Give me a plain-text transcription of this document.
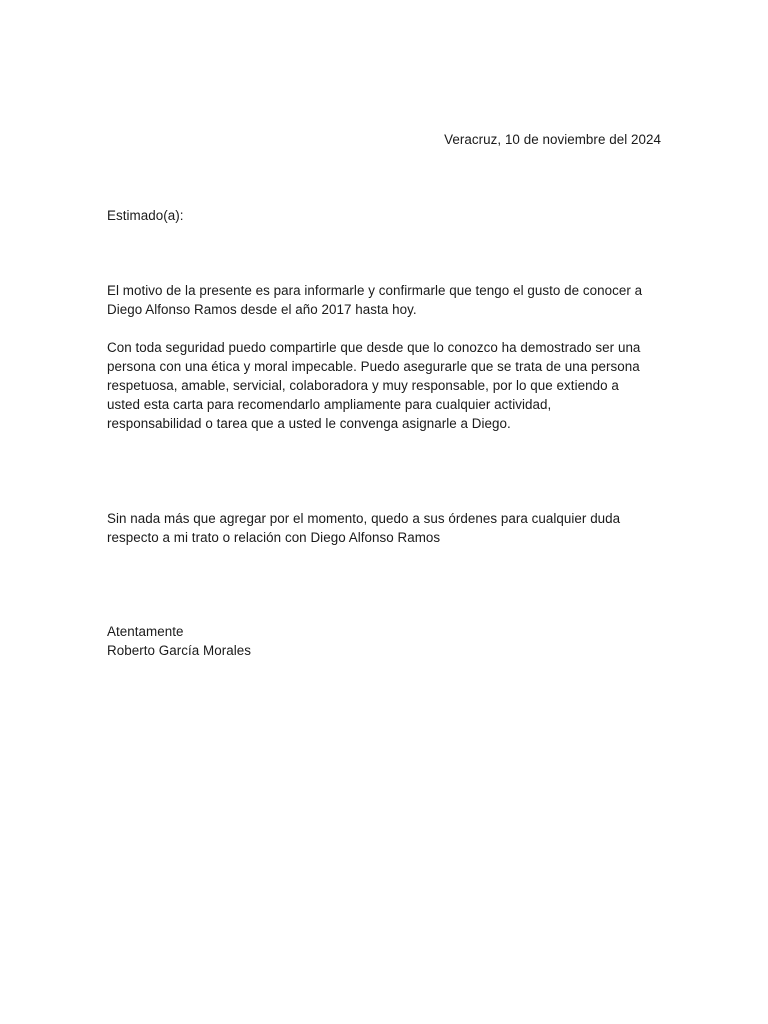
Veracruz, 10 de noviembre del 2024
Estimado(a):
El motivo de la presente es para informarle y confirmarle que tengo el gusto de conocer a
Diego Alfonso Ramos desde el año 2017 hasta hoy.
Con toda seguridad puedo compartirle que desde que lo conozco ha demostrado ser una
persona con una ética y moral impecable. Puedo asegurarle que se trata de una persona
respetuosa, amable, servicial, colaboradora y muy responsable, por lo que extiendo a
usted esta carta para recomendarlo ampliamente para cualquier actividad,
responsabilidad o tarea que a usted le convenga asignarle a Diego.
Sin nada más que agregar por el momento, quedo a sus órdenes para cualquier duda
respecto a mi trato o relación con Diego Alfonso Ramos
Atentamente
Roberto García Morales
